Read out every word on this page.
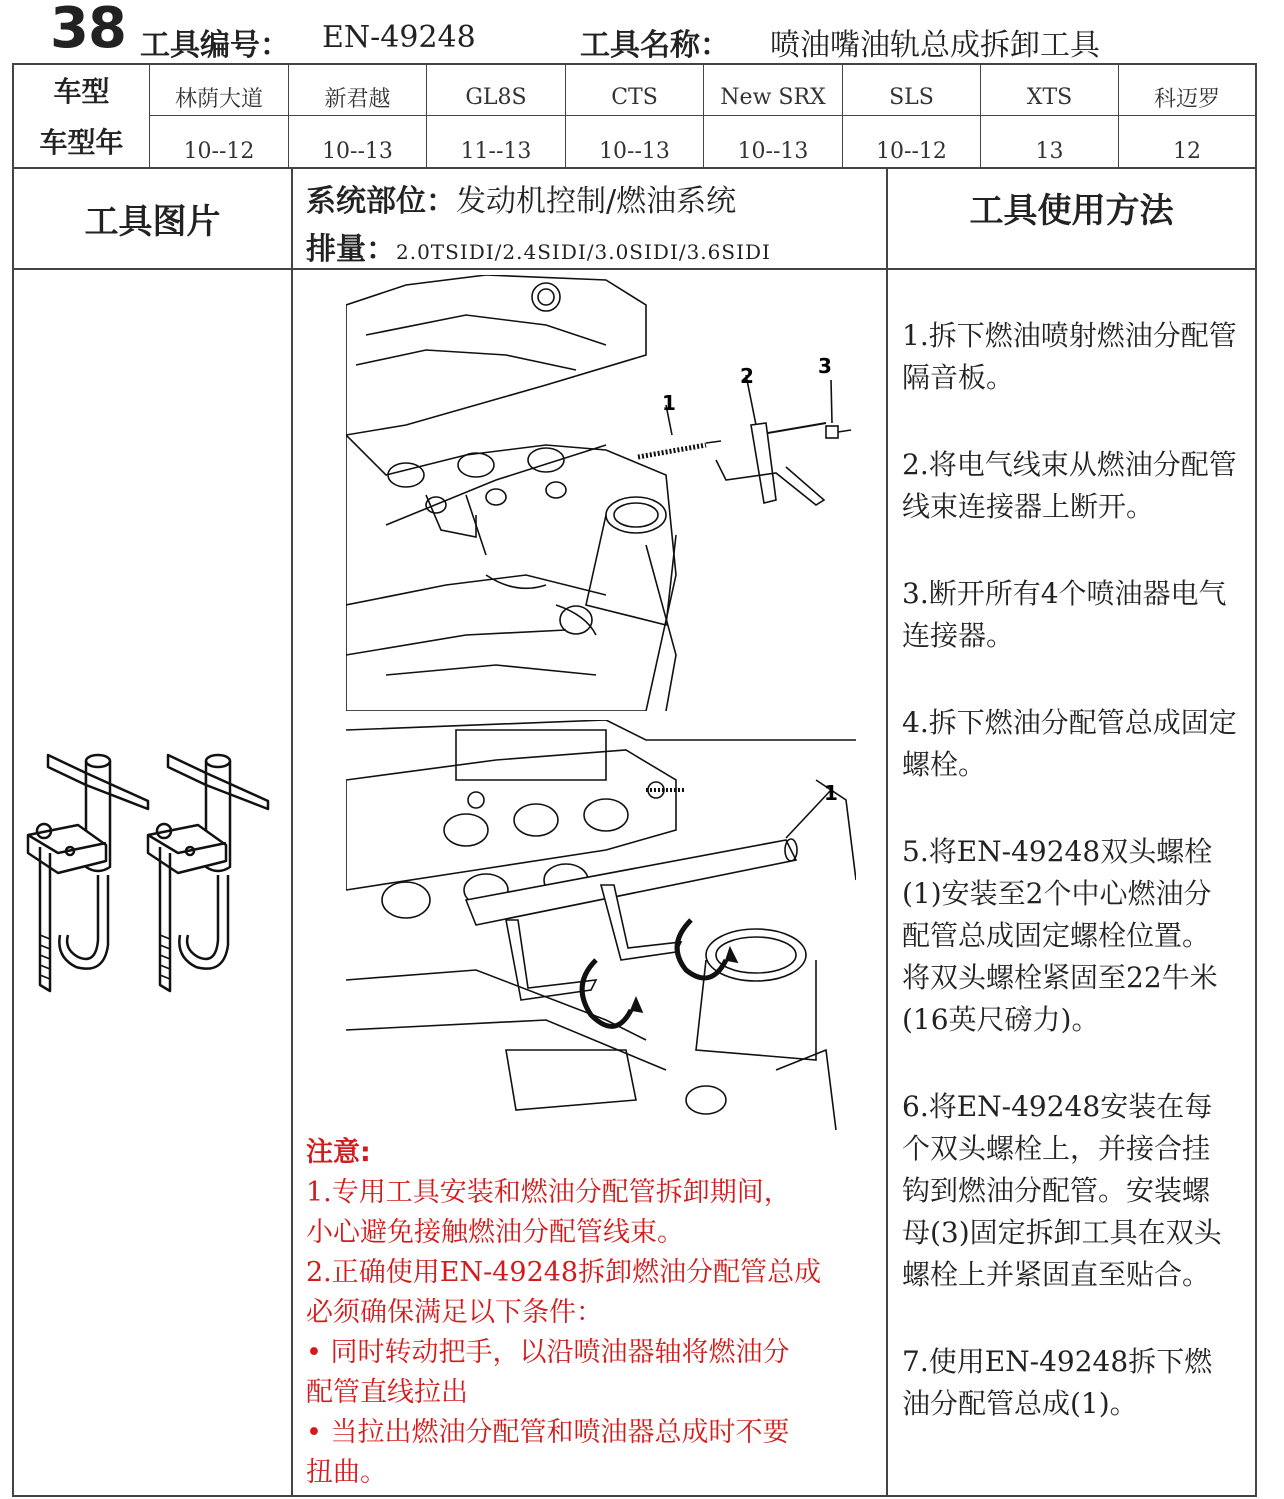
38 工具编号： EN-49248	工具名称： 喷油嘴油轨总成拆卸工具
车型
车型年
林荫大道	新君越	GL8S	CTS	New SRX	SLS	XTS	科迈罗
10--12	10--13	11--13	10--13	10--13	10--12	13	12
工具图片	工具使用方法
系统部位：发动机控制/燃油系统
排量：2.0TSIDI/2.4SIDI/3.0SIDI/3.6SIDI
1
2	3
1

注意:

1.专用工具安装和燃油分配管拆卸期间，

小心避免接触燃油分配管线束。

2.正确使用EN-49248拆卸燃油分配管总成

必须确保满足以下条件：

• 同时转动把手，以沿喷油器轴将燃油分

配管直线拉出

• 当拉出燃油分配管和喷油器总成时不要

扭曲。

1.拆下燃油喷射燃油分配管隔音板。

2.将电气线束从燃油分配管线束连接器上断开。

3.断开所有4个喷油器电气连接器。

4.拆下燃油分配管总成固定螺栓。

5.将EN-49248双头螺栓(1)安装至2个中心燃油分配管总成固定螺栓位置。将双头螺栓紧固至22牛米(16英尺磅力)。

6.将EN-49248安装在每个双头螺栓上，并接合挂钩到燃油分配管。安装螺母(3)固定拆卸工具在双头螺栓上并紧固直至贴合。

7.使用EN-49248拆下燃油分配管总成(1)。
